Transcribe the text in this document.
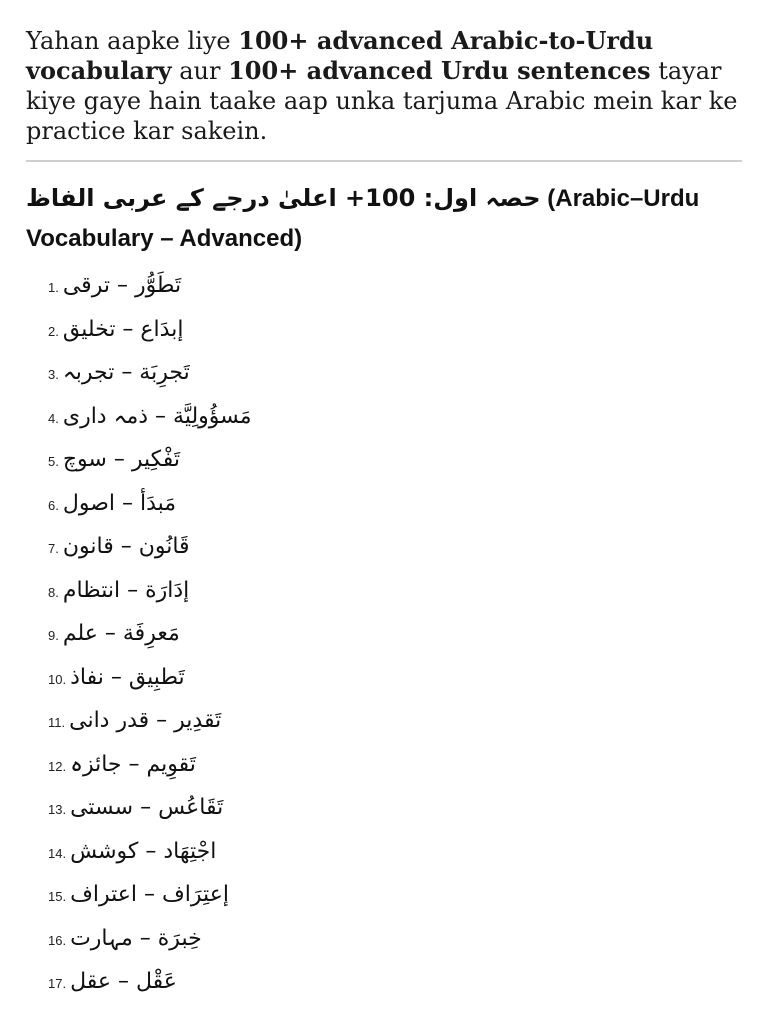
Yahan aapke liye 100+ advanced Arabic-to-Urdu vocabulary aur 100+ advanced Urdu sentences tayar kiye gaye hain taake aap unka tarjuma Arabic mein kar ke practice kar sakein.

حصہ اول: 100+ اعلیٰ درجے کے عربی الفاظ (Arabic–Urdu Vocabulary – Advanced)
1. تَطَوُّر – ترقی
2. إبدَاع – تخلیق
3. تَجرِبَة – تجربہ
4. مَسؤُولِيَّة – ذمہ داری
5. تَفْكِير – سوچ
6. مَبدَأ – اصول
7. قَانُون – قانون
8. إدَارَة – انتظام
9. مَعرِفَة – علم
10. تَطبِيق – نفاذ
11. تَقدِير – قدر دانی
12. تَقوِيم – جائزہ
13. تَقَاعُس – سستی
14. اجْتِهَاد – کوشش
15. إعتِرَاف – اعتراف
16. خِبرَة – مہارت
17. عَقْل – عقل
